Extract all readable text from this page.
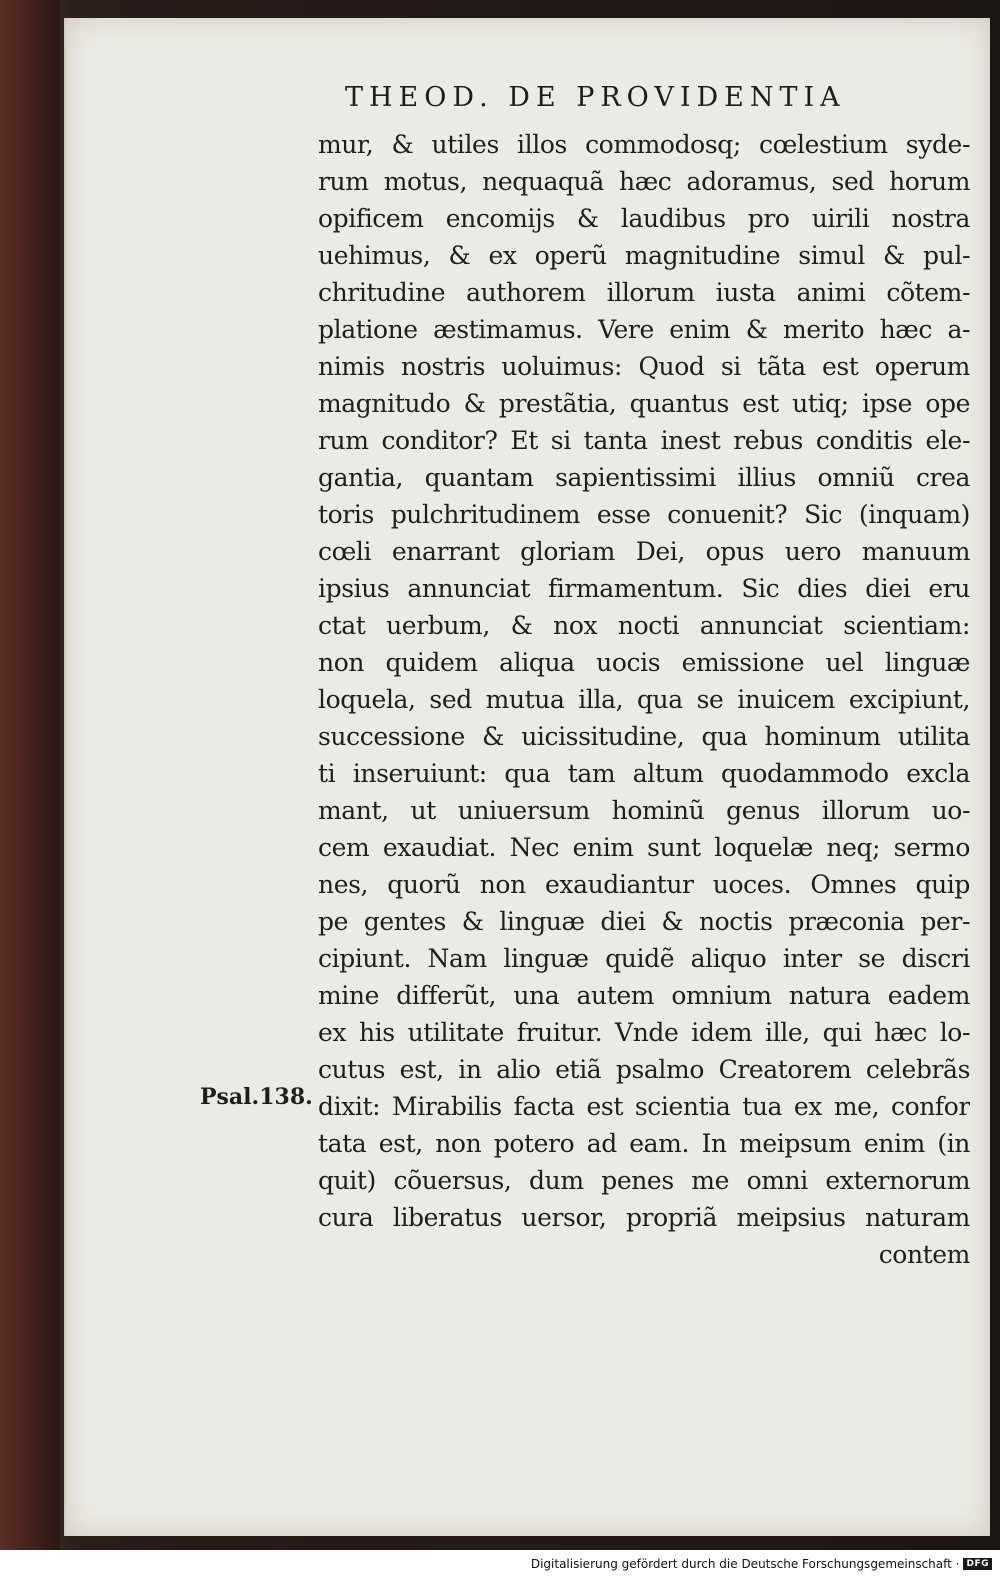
THEOD. DE PROVIDENTIA
Psal.138.
mur, & utiles illos commodosq; cœlestium syde-
rum motus, nequaquã hæc adoramus, sed horum
opificem encomijs & laudibus pro uirili nostra
uehimus, & ex operũ magnitudine simul & pul-
chritudine authorem illorum iusta animi cõtem-
platione æstimamus. Vere enim & merito hæc a-
nimis nostris uoluimus: Quod si tãta est operum
magnitudo & prestãtia, quantus est utiq; ipse ope
rum conditor? Et si tanta inest rebus conditis ele-
gantia, quantam sapientissimi illius omniũ crea
toris pulchritudinem esse conuenit? Sic (inquam)
cœli enarrant gloriam Dei, opus uero manuum
ipsius annunciat firmamentum. Sic dies diei eru
ctat uerbum, & nox nocti annunciat scientiam:
non quidem aliqua uocis emissione uel linguæ
loquela, sed mutua illa, qua se inuicem excipiunt,
successione & uicissitudine, qua hominum utilita
ti inseruiunt: qua tam altum quodammodo excla
mant, ut uniuersum hominũ genus illorum uo-
cem exaudiat. Nec enim sunt loquelæ neq; sermo
nes, quorũ non exaudiantur uoces. Omnes quip
pe gentes & linguæ diei & noctis præconia per-
cipiunt. Nam linguæ quidẽ aliquo inter se discri
mine differũt, una autem omnium natura eadem
ex his utilitate fruitur. Vnde idem ille, qui hæc lo-
cutus est, in alio etiã psalmo Creatorem celebrãs
dixit: Mirabilis facta est scientia tua ex me, confor
tata est, non potero ad eam. In meipsum enim (in
quit) cõuersus, dum penes me omni externorum
cura liberatus uersor, propriã meipsius naturam
contem
Digitalisierung gefördert durch die Deutsche Forschungsgemeinschaft · DFG
